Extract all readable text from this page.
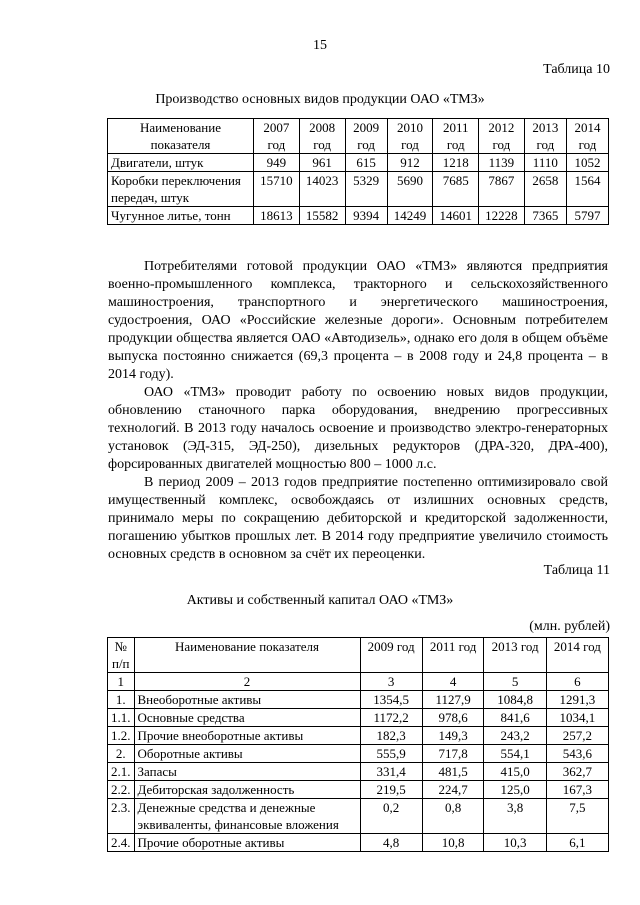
15
Таблица 10
Производство основных видов продукции ОАО «ТМЗ»
Наименование показателя	2007 год	2008 год	2009 год	2010 год	2011 год	2012 год	2013 год	2014 год
Двигатели, штук	949	961	615	912	1218	1139	1110	1052
Коробки переключения передач, штук	15710	14023	5329	5690	7685	7867	2658	1564
Чугунное литье, тонн	18613	15582	9394	14249	14601	12228	7365	5797

Потребителями готовой продукции ОАО «ТМЗ» являются предприятия военно-промышленного комплекса, тракторного и сельскохозяйственного машиностроения, транспортного и энергетического машиностроения, судостроения, ОАО «Российские железные дороги». Основным потребителем продукции общества является ОАО «Автодизель», однако его доля в общем объёме выпуска постоянно снижается (69,3 процента – в 2008 году и 24,8 процента – в 2014 году).

ОАО «ТМЗ» проводит работу по освоению новых видов продукции, обновлению станочного парка оборудования, внедрению прогрессивных технологий. В 2013 году началось освоение и производство электро-генераторных установок (ЭД-315, ЭД-250), дизельных редукторов (ДРА-320, ДРА-400), форсированных двигателей мощностью 800 – 1000 л.с.

В период 2009 – 2013 годов предприятие постепенно оптимизировало свой имущественный комплекс, освобождаясь от излишних основных средств, принимало меры по сокращению дебиторской и кредиторской задолженности, погашению убытков прошлых лет. В 2014 году предприятие увеличило стоимость основных средств в основном за счёт их переоценки.

Таблица 11
Активы и собственный капитал ОАО «ТМЗ»
(млн. рублей)
№ п/п	Наименование показателя	2009 год	2011 год	2013 год	2014 год
1	2	3	4	5	6
1.	Внеоборотные активы	1354,5	1127,9	1084,8	1291,3
1.1.	Основные средства	1172,2	978,6	841,6	1034,1
1.2.	Прочие внеоборотные активы	182,3	149,3	243,2	257,2
2.	Оборотные активы	555,9	717,8	554,1	543,6
2.1.	Запасы	331,4	481,5	415,0	362,7
2.2.	Дебиторская задолженность	219,5	224,7	125,0	167,3
2.3.	Денежные средства и денежные эквиваленты, финансовые вложения	0,2	0,8	3,8	7,5
2.4.	Прочие оборотные активы	4,8	10,8	10,3	6,1
